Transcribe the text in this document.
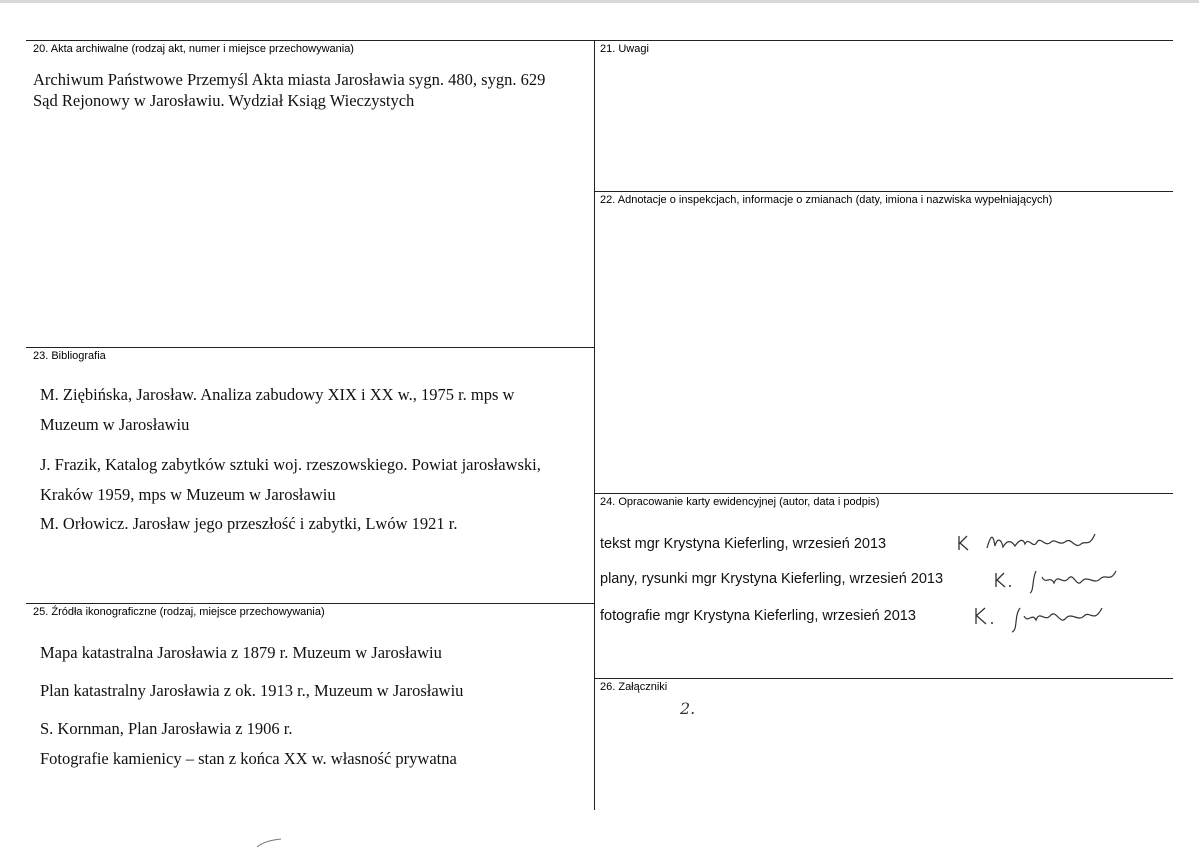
20. Akta archiwalne (rodzaj akt, numer i miejsce przechowywania)
Archiwum Państwowe Przemyśl Akta miasta Jarosławia sygn. 480, sygn. 629
Sąd Rejonowy w Jarosławiu. Wydział Ksiąg Wieczystych
21. Uwagi
22. Adnotacje o inspekcjach, informacje o zmianach (daty, imiona i nazwiska wypełniających)
23. Bibliografia
M. Ziębińska, Jarosław. Analiza zabudowy XIX i XX w., 1975 r. mps w
Muzeum w Jarosławiu
J. Frazik, Katalog zabytków sztuki woj. rzeszowskiego. Powiat jarosławski,
Kraków 1959, mps w Muzeum w Jarosławiu
M. Orłowicz. Jarosław jego przeszłość i zabytki, Lwów 1921 r.
24. Opracowanie karty ewidencyjnej (autor, data i podpis)
tekst mgr Krystyna Kieferling, wrzesień 2013
plany, rysunki mgr Krystyna Kieferling, wrzesień 2013
fotografie mgr Krystyna Kieferling, wrzesień 2013
25. Źródła ikonograficzne (rodzaj, miejsce przechowywania)
Mapa katastralna Jarosławia z 1879 r. Muzeum w Jarosławiu
Plan katastralny Jarosławia z ok. 1913 r., Muzeum w Jarosławiu
S. Kornman, Plan Jarosławia z 1906 r.
Fotografie kamienicy – stan z końca XX w. własność prywatna
26. Załączniki
2.
